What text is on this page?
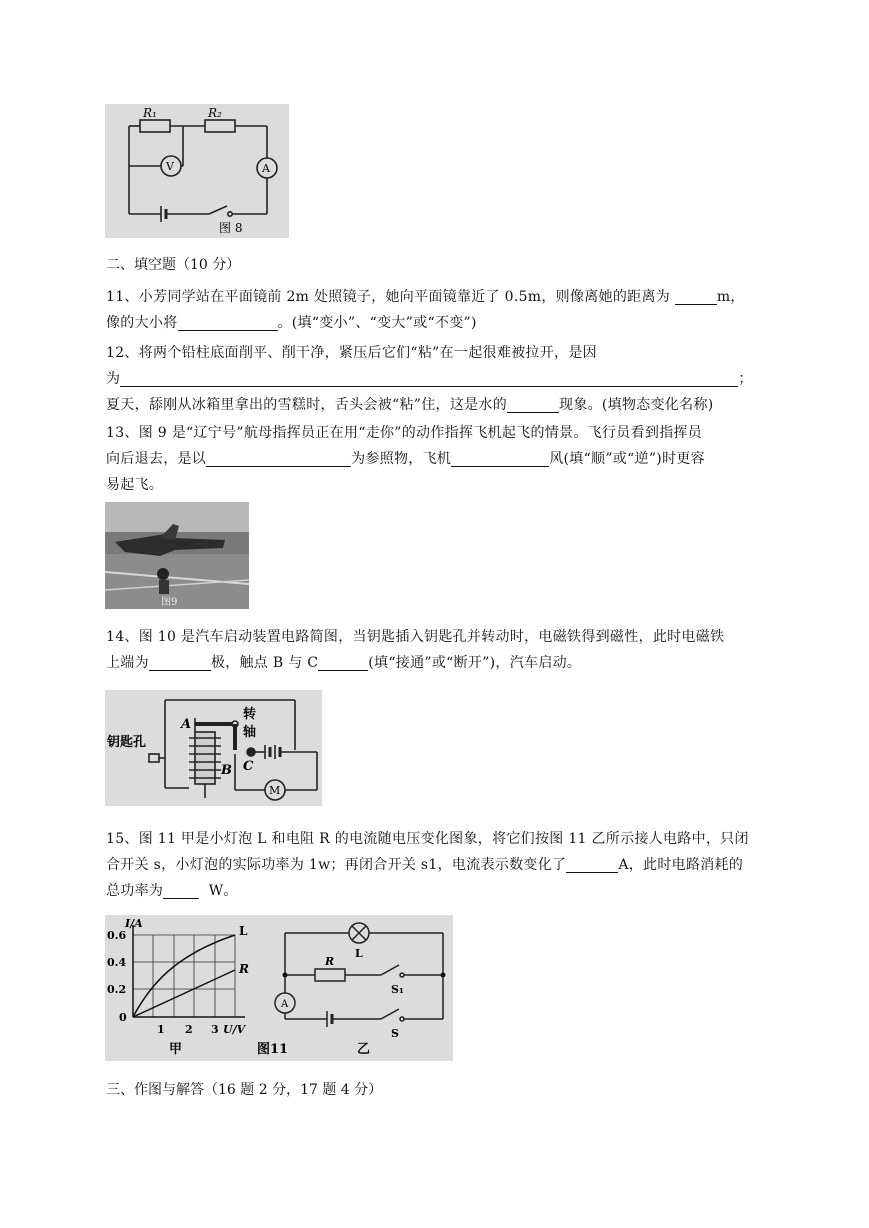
R₁	R₂
V	A
图 8
二、填空题（10 分）
11、小芳同学站在平面镜前 2m 处照镜子，她向平面镜靠近了 0.5m，则像离她的距离为	m，
像的大小将	。(填“变小”、“变大”或“不变”)
12、将两个铅柱底面削平、削干净，紧压后它们“粘”在一起很难被拉开，是因
为	；
夏天，舔刚从冰箱里拿出的雪糕时，舌头会被“粘”住，这是水的	现象。(填物态变化名称)
13、图 9 是“辽宁号”航母指挥员正在用“走你”的动作指挥飞机起飞的情景。飞行员看到指挥员
向后退去，是以	为参照物，飞机	风(填“顺”或“逆”)时更容
易起飞。
图9
14、图 10 是汽车启动装置电路简图，当钥匙插入钥匙孔并转动时，电磁铁得到磁性，此时电磁铁
上端为	极，触点 B 与 C	(填“接通”或“断开”)，汽车启动。
钥匙孔
转
轴
A
B C
M
15、图 11 甲是小灯泡 L 和电阻 R 的电流随电压变化图象，将它们按图 11 乙所示接人电路中，只闭
合开关 s，小灯泡的实际功率为 1w；再闭合开关 s1，电流表示数变化了	A，此时电路消耗的
总功率为	W。
I/A
0.6
0.4
0.2
0
1 2 3 U/V
L
R
甲
L
R
S₁
S
A
图11	乙
三、作图与解答（16 题 2 分，17 题 4 分）
